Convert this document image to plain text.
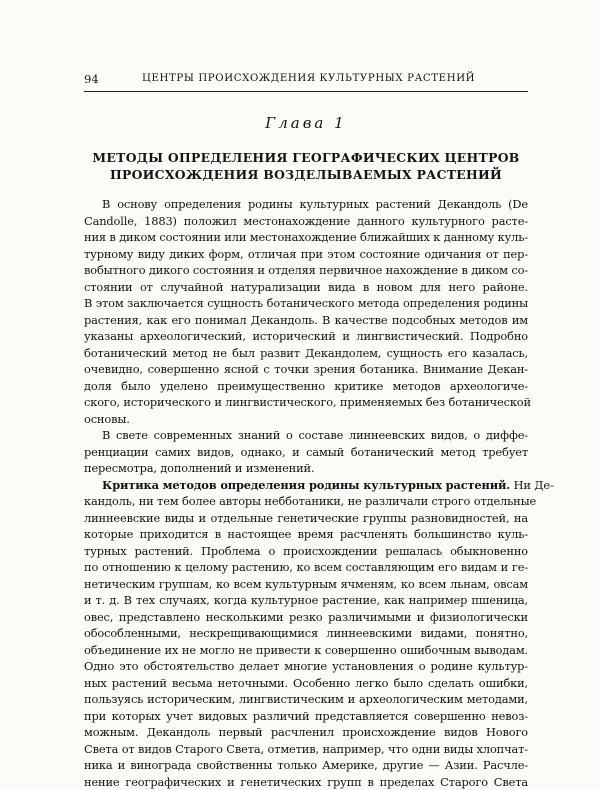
94	ЦЕНТРЫ ПРОИСХОЖДЕНИЯ КУЛЬТУРНЫХ РАСТЕНИЙ
Глава 1
МЕТОДЫ ОПРЕДЕЛЕНИЯ ГЕОГРАФИЧЕСКИХ ЦЕНТРОВ
ПРОИСХОЖДЕНИЯ ВОЗДЕЛЫВАЕМЫХ РАСТЕНИЙ
В основу определения родины культурных растений Декандоль (De
Candolle, 1883) положил местонахождение данного культурного расте-
ния в диком состоянии или местонахождение ближайших к данному куль-
турному виду диких форм, отличая при этом состояние одичания от пер-
вобытного дикого состояния и отделяя первичное нахождение в диком со-
стоянии от случайной натурализации вида в новом для него районе.
В этом заключается сущность ботанического метода определения родины
растения, как его понимал Декандоль. В качестве подсобных методов им
указаны археологический, исторический и лингвистический. Подробно
ботанический метод не был развит Декандолем, сущность его казалась,
очевидно, совершенно ясной с точки зрения ботаника. Внимание Декан-
доля было уделено преимущественно критике методов археологиче-
ского, исторического и лингвистического, применяемых без ботанической
основы.
В свете современных знаний о составе линнеевских видов, о диффе-
ренциации самих видов, однако, и самый ботанический метод требует
пересмотра, дополнений и изменений.
Критика методов определения родины культурных растений. Ни Де-
кандоль, ни тем более авторы небботаники, не различали строго отдельные
линнеевские виды и отдельные генетические группы разновидностей, на
которые приходится в настоящее время расчленять большинство куль-
турных растений. Проблема о происхождении решалась обыкновенно
по отношению к целому растению, ко всем составляющим его видам и ге-
нетическим группам, ко всем культурным ячменям, ко всем льнам, овсам
и т. д. В тех случаях, когда культурное растение, как например пшеница,
овес, представлено несколькими резко различимыми и физиологически
обособленными, нескрещивающимися линнеевскими видами, понятно,
объединение их не могло не привести к совершенно ошибочным выводам.
Одно это обстоятельство делает многие установления о родине культур-
ных растений весьма неточными. Особенно легко было сделать ошибки,
пользуясь историческим, лингвистическим и археологическим методами,
при которых учет видовых различий представляется совершенно невоз-
можным. Декандоль первый расчленил происхождение видов Нового
Света от видов Старого Света, отметив, например, что одни виды хлопчат-
ника и винограда свойственны только Америке, другие — Азии. Расчле-
нение географических и генетических групп в пределах Старого Света
